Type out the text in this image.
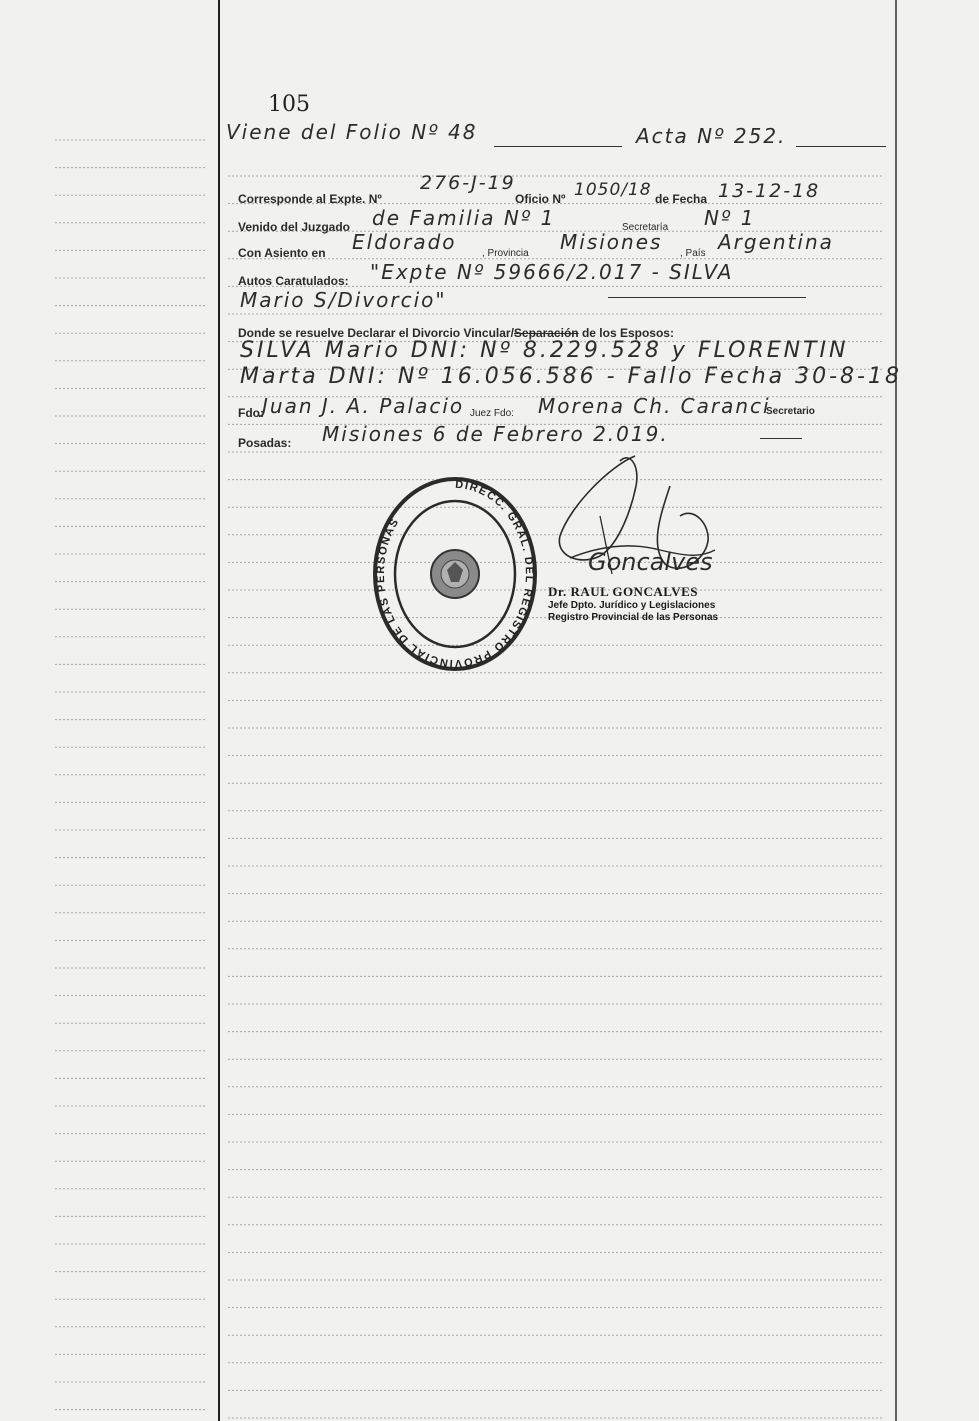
105
Viene del Folio Nº 48	Acta Nº 252.
Corresponde al Expte. Nº
276-J-19
Oficio Nº 1050/18 de Fecha 13-12-18
Venido del Juzgado de Familia Nº 1	Secretaría Nº 1
Con Asiento en Eldorado	, Provincia Misiones , País Argentina
Autos Caratulados: "Expte Nº 59666/2.017 - SILVA
Mario S/Divorcio"
Donde se resuelve Declarar el Divorcio Vincular/Separación de los Esposos:
SILVA Mario DNI: Nº 8.229.528 y FLORENTIN
Marta DNI: Nº 16.056.586 - Fallo Fecha 30-8-18
Fdo:
Juan J. A. Palacio Juez Fdo: Morena Ch. Caranci
Secretario
Posadas: Misiones 6 de Febrero 2.019.
DIRECC. GRAL. DEL REGISTRO PROVINCIAL DE LAS PERSONAS
Goncalves
Dr. RAUL GONCALVES
Jefe Dpto. Jurídico y Legislaciones
Registro Provincial de las Personas
